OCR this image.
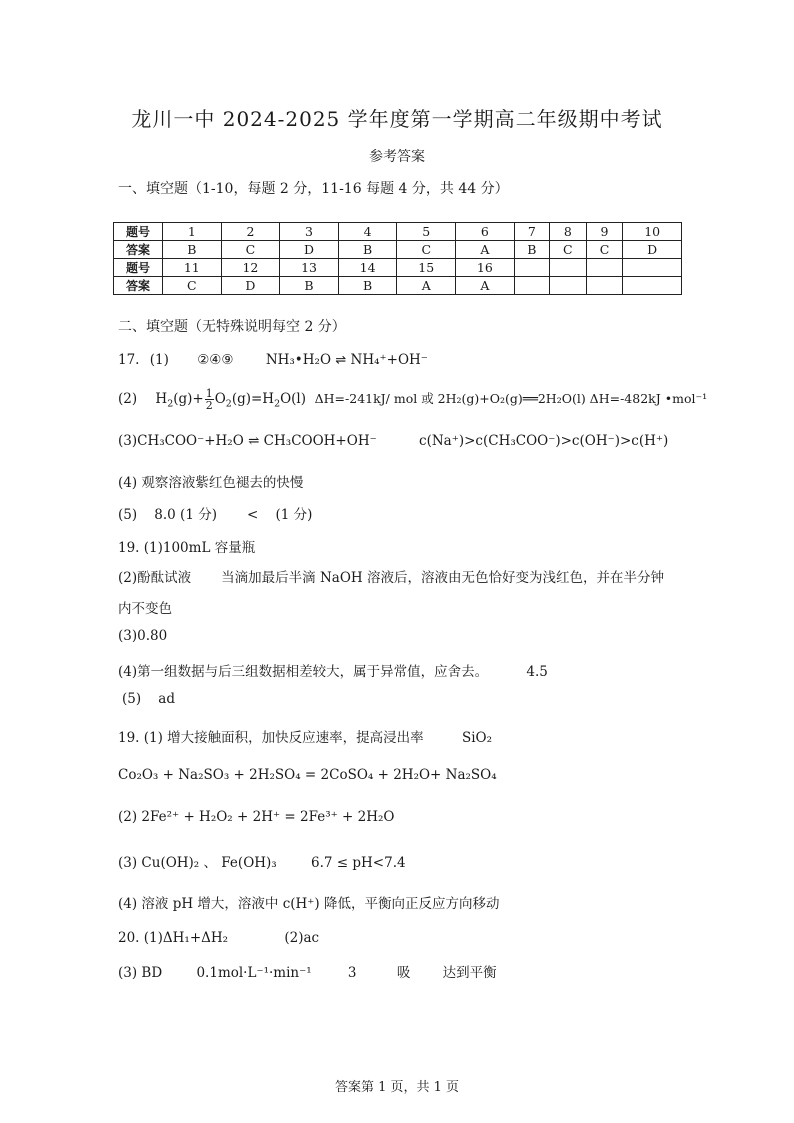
龙川一中 2024-2025 学年度第一学期高二年级期中考试
参考答案
一、填空题（1-10，每题 2 分，11-16 每题 4 分，共 44 分）
题号	1	2	3	4	5	6	7	8	9	10
答案	B	C	D	B	C	A	B	C	C	D
题号	11	12	13	14	15	16				
答案	C	D	B	B	A	A				
二、填空题（无特殊说明每空 2 分）
17. (1) ②④⑨ NH₃•H₂O ⇌ NH₄⁺+OH⁻
(2) $H_2(g)+ \frac{1}{2} O_2(g)=H_2O(l)$  ΔH=-241kJ/ mol 或 2H₂(g)+O₂(g)══2H₂O(l) ΔH=-482kJ •mol⁻¹
(3)CH₃COO⁻+H₂O ⇌ CH₃COOH+OH⁻	c(Na⁺)>c(CH₃COO⁻)>c(OH⁻)>c(H⁺)
(4) 观察溶液紫红色褪去的快慢
(5)    8.0 (1 分)       <    (1 分)
19. (1)100mL 容量瓶
(2)酚酞试液       当滴加最后半滴 NaOH 溶液后，溶液由无色恰好变为浅红色，并在半分钟
内不变色
(3)0.80
(4)第一组数据与后三组数据相差较大，属于异常值，应舍去。	4.5
(5)    ad
19. (1) 增大接触面积，加快反应速率，提高浸出率	SiO₂
Co₂O₃ + Na₂SO₃ + 2H₂SO₄ = 2CoSO₄ + 2H₂O+ Na₂SO₄
(2) 2Fe²⁺ + H₂O₂ + 2H⁺ = 2Fe³⁺ + 2H₂O
(3) Cu(OH)₂ 、 Fe(OH)₃	6.7 ≤ pH<7.4
(4) 溶液 pH 增大，溶液中 c(H⁺) 降低，平衡向正反应方向移动
20. (1)ΔH₁+ΔH₂	(2)ac
(3) BD	0.1mol·L⁻¹·min⁻¹	3	吸 达到平衡
答案第 1 页，共 1 页
